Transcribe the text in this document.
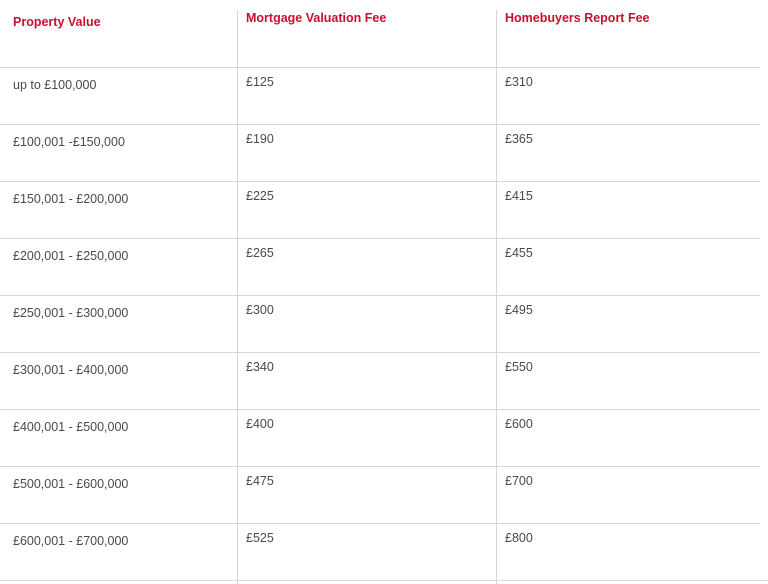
Property Value	Mortgage Valuation Fee	Homebuyers Report Fee
up to £100,000	£125	£310
£100,001 -£150,000	£190	£365
£150,001 - £200,000	£225	£415
£200,001 - £250,000	£265	£455
£250,001 - £300,000	£300	£495
£300,001 - £400,000	£340	£550
£400,001 - £500,000	£400	£600
£500,001 - £600,000	£475	£700
£600,001 - £700,000	£525	£800
